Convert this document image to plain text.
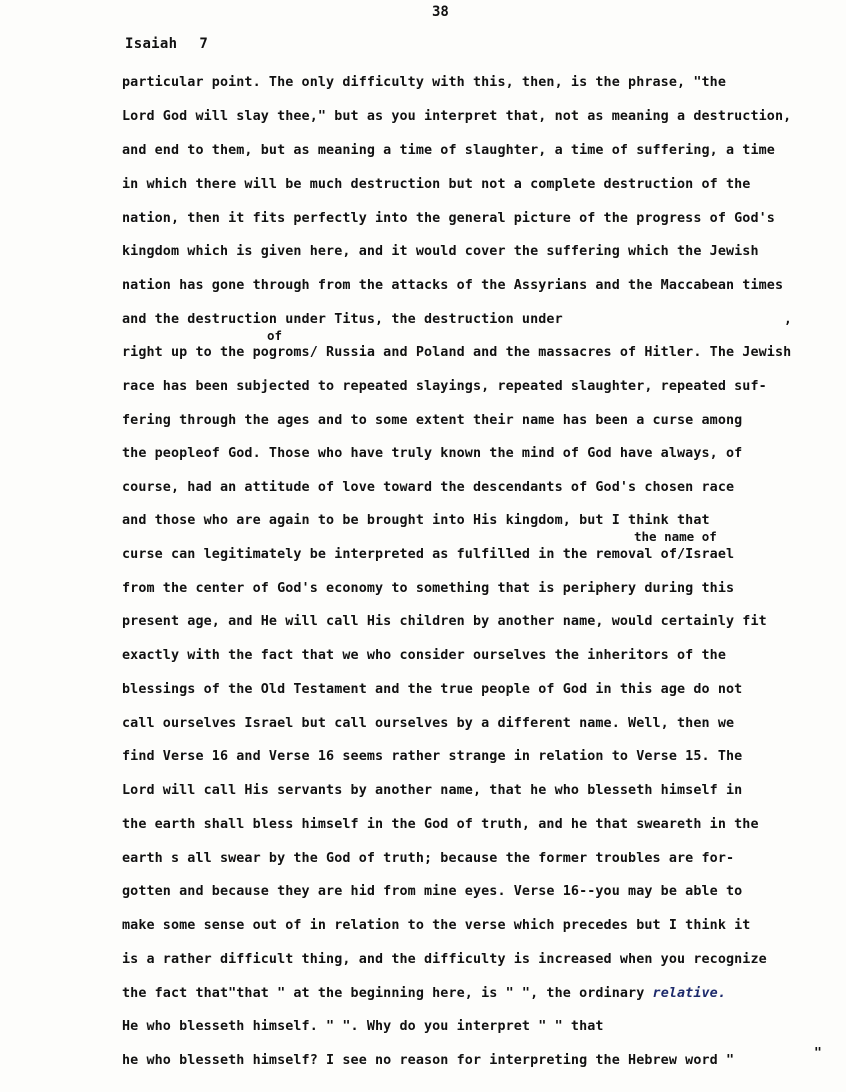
38
Isaiah 7
of
the name of
particular point. The only difficulty with this, then, is the phrase, "the
Lord God will slay thee," but as you interpret that, not as meaning a destruction,
and end to them, but as meaning a time of slaughter, a time of suffering, a time
in which there will be much destruction but not a complete destruction of the
nation, then it fits perfectly into the general picture of the progress of God's
kingdom which is given here, and it would cover the suffering which the Jewish
nation has gone through from the attacks of the Assyrians and the Maccabean times
and the destruction under Titus, the destruction under	,
right up to the pogroms/ Russia and Poland and the massacres of Hitler. The Jewish
race has been subjected to repeated slayings, repeated slaughter, repeated suf-
fering through the ages and to some extent their name has been a curse among
the peopleof God. Those who have truly known the mind of God have always, of
course, had an attitude of love toward the descendants of God's chosen race
and those who are again to be brought into His kingdom, but I think that
curse can legitimately be interpreted as fulfilled in the removal of/Israel
from the center of God's economy to something that is periphery during this
present age, and He will call His children by another name, would certainly fit
exactly with the fact that we who consider ourselves the inheritors of the
blessings of the Old Testament and the true people of God in this age do not
call ourselves Israel but call ourselves by a different name. Well, then we
find Verse 16 and Verse 16 seems rather strange in relation to Verse 15. The
Lord will call His servants by another name, that he who blesseth himself in
the earth shall bless himself in the God of truth, and he that sweareth in the
earth s all swear by the God of truth; because the former troubles are for-
gotten and because they are hid from mine eyes. Verse 16--you may be able to
make some sense out of in relation to the verse which precedes but I think it
is a rather difficult thing, and the difficulty is increased when you recognize
the fact that"that " at the beginning here, is " ", the ordinary relative.
He who blesseth himself. " ". Why do you interpret " " that
he who blesseth himself? I see no reason for interpreting the Hebrew word "	"
